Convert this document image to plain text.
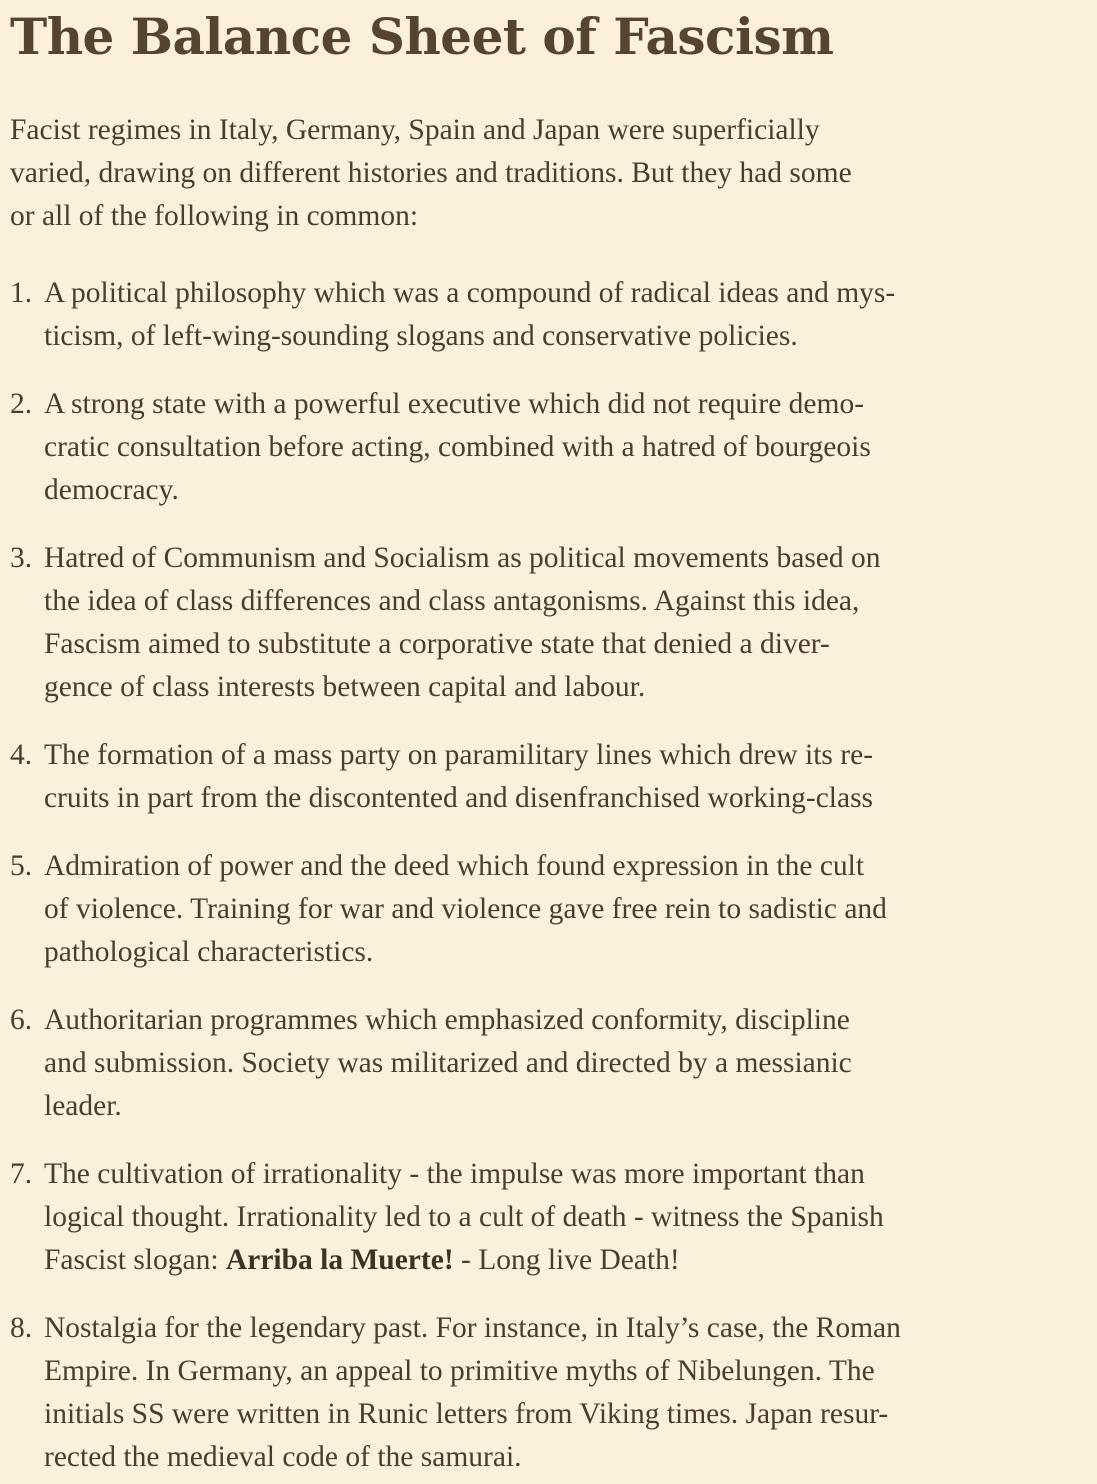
The Balance Sheet of Fascism

Facist regimes in Italy, Germany, Spain and Japan were superficially
varied, drawing on different histories and traditions. But they had some
or all of the following in common:

1. A political philosophy which was a compound of radical ideas and mys-
ticism, of left-wing-sounding slogans and conservative policies.
2. A strong state with a powerful executive which did not require demo-
cratic consultation before acting, combined with a hatred of bourgeois
democracy.
3. Hatred of Communism and Socialism as political movements based on
the idea of class differences and class antagonisms. Against this idea,
Fascism aimed to substitute a corporative state that denied a diver-
gence of class interests between capital and labour.
4. The formation of a mass party on paramilitary lines which drew its re-
cruits in part from the discontented and disenfranchised working-class
5. Admiration of power and the deed which found expression in the cult
of violence. Training for war and violence gave free rein to sadistic and
pathological characteristics.
6. Authoritarian programmes which emphasized conformity, discipline
and submission. Society was militarized and directed by a messianic
leader.
7. The cultivation of irrationality - the impulse was more important than
logical thought. Irrationality led to a cult of death - witness the Spanish
Fascist slogan: Arriba la Muerte! - Long live Death!
8. Nostalgia for the legendary past. For instance, in Italy’s case, the Roman
Empire. In Germany, an appeal to primitive myths of Nibelungen. The
initials SS were written in Runic letters from Viking times. Japan resur-
rected the medieval code of the samurai.
